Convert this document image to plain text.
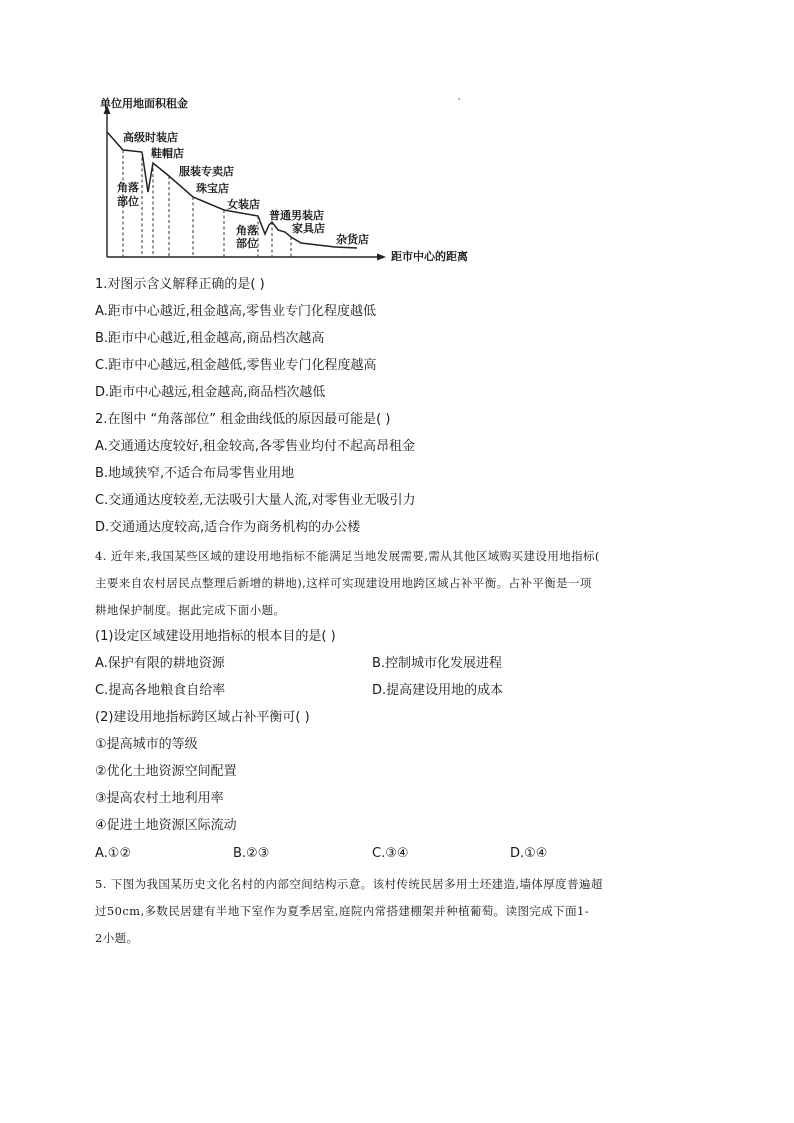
单位用地面积租金
高级时装店
角落
部位
鞋帽店
服装专卖店
珠宝店
女装店
角落
部位
普通男装店
家具店
杂货店
距市中心的距离
1.对图示含义解释正确的是( )
A.距市中心越近,租金越高,零售业专门化程度越低
B.距市中心越近,租金越高,商品档次越高
C.距市中心越远,租金越低,零售业专门化程度越高
D.距市中心越远,租金越高,商品档次越低
2.在图中 “角落部位” 租金曲线低的原因最可能是( )
A.交通通达度较好,租金较高,各零售业均付不起高昂租金
B.地域狭窄,不适合布局零售业用地
C.交通通达度较差,无法吸引大量人流,对零售业无吸引力
D.交通通达度较高,适合作为商务机构的办公楼
4. 近年来,我国某些区域的建设用地指标不能满足当地发展需要,需从其他区域购买建设用地指标(
主要来自农村居民点整理后新增的耕地),这样可实现建设用地跨区域占补平衡。占补平衡是一项
耕地保护制度。据此完成下面小题。
(1)设定区域建设用地指标的根本目的是( )
A.保护有限的耕地资源	B.控制城市化发展进程
C.提高各地粮食自给率	D.提高建设用地的成本
(2)建设用地指标跨区域占补平衡可( )
①提高城市的等级
②优化土地资源空间配置
③提高农村土地利用率
④促进土地资源区际流动
A.①②	B.②③	C.③④	D.①④
5. 下图为我国某历史文化名村的内部空间结构示意。该村传统民居多用土坯建造,墙体厚度普遍超
过50cm,多数民居建有半地下室作为夏季居室,庭院内常搭建棚架并种植葡萄。读图完成下面1-
2小题。
